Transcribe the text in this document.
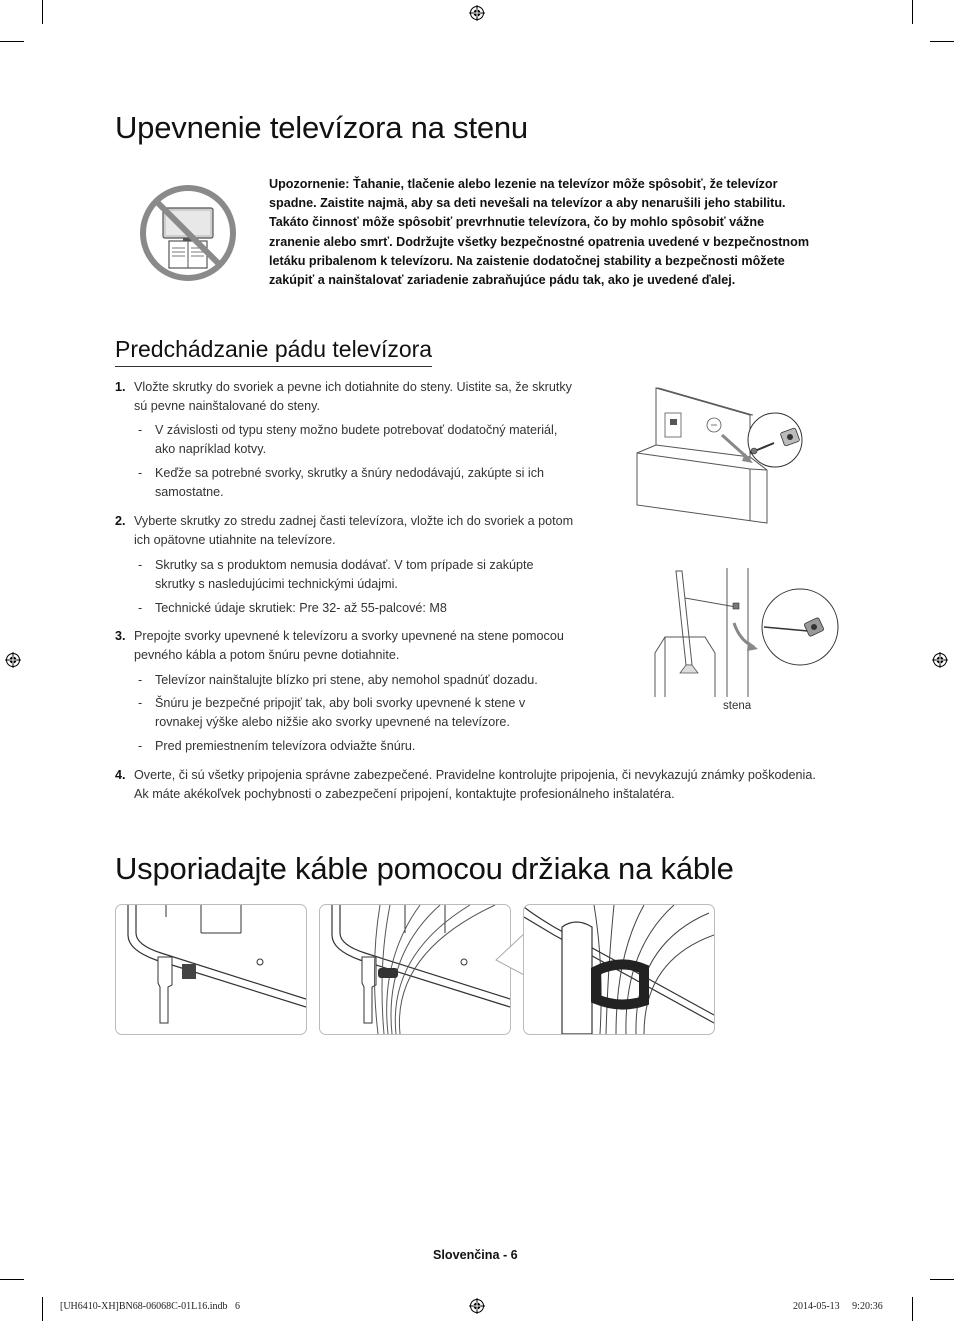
Upevnenie televízora na stenu
Upozornenie: Ťahanie, tlačenie alebo lezenie na televízor môže spôsobiť, že televízor
spadne. Zaistite najmä, aby sa deti nevešali na televízor a aby nenarušili jeho stabilitu.
Takáto činnosť môže spôsobiť prevrhnutie televízora, čo by mohlo spôsobiť vážne
zranenie alebo smrť. Dodržujte všetky bezpečnostné opatrenia uvedené v bezpečnostnom
letáku pribalenom k televízoru. Na zaistenie dodatočnej stability a bezpečnosti môžete
zakúpiť a nainštalovať zariadenie zabraňujúce pádu tak, ako je uvedené ďalej.
Predchádzanie pádu televízora
1. Vložte skrutky do svoriek a pevne ich dotiahnite do steny. Uistite sa, že skrutky
sú pevne nainštalované do steny.
- V závislosti od typu steny možno budete potrebovať dodatočný materiál,
ako napríklad kotvy.
- Keďže sa potrebné svorky, skrutky a šnúry nedodávajú, zakúpte si ich
samostatne.
2. Vyberte skrutky zo stredu zadnej časti televízora, vložte ich do svoriek a potom
ich opätovne utiahnite na televízore.
- Skrutky sa s produktom nemusia dodávať. V tom prípade si zakúpte
skrutky s nasledujúcimi technickými údajmi.
- Technické údaje skrutiek: Pre 32- až 55-palcové: M8
3. Prepojte svorky upevnené k televízoru a svorky upevnené na stene pomocou
pevného kábla a potom šnúru pevne dotiahnite.
- Televízor nainštalujte blízko pri stene, aby nemohol spadnúť dozadu.
- Šnúru je bezpečné pripojiť tak, aby boli svorky upevnené k stene v
rovnakej výške alebo nižšie ako svorky upevnené na televízore.
- Pred premiestnením televízora odviažte šnúru.
4. Overte, či sú všetky pripojenia správne zabezpečené. Pravidelne kontrolujte pripojenia, či nevykazujú známky poškodenia.
Ak máte akékoľvek pochybnosti o zabezpečení pripojení, kontaktujte profesionálneho inštalatéra.
stena
Usporiadajte káble pomocou držiaka na káble
Slovenčina - 6
[UH6410-XH]BN68-06068C-01L16.indb   6	2014-05-13     9:20:36
